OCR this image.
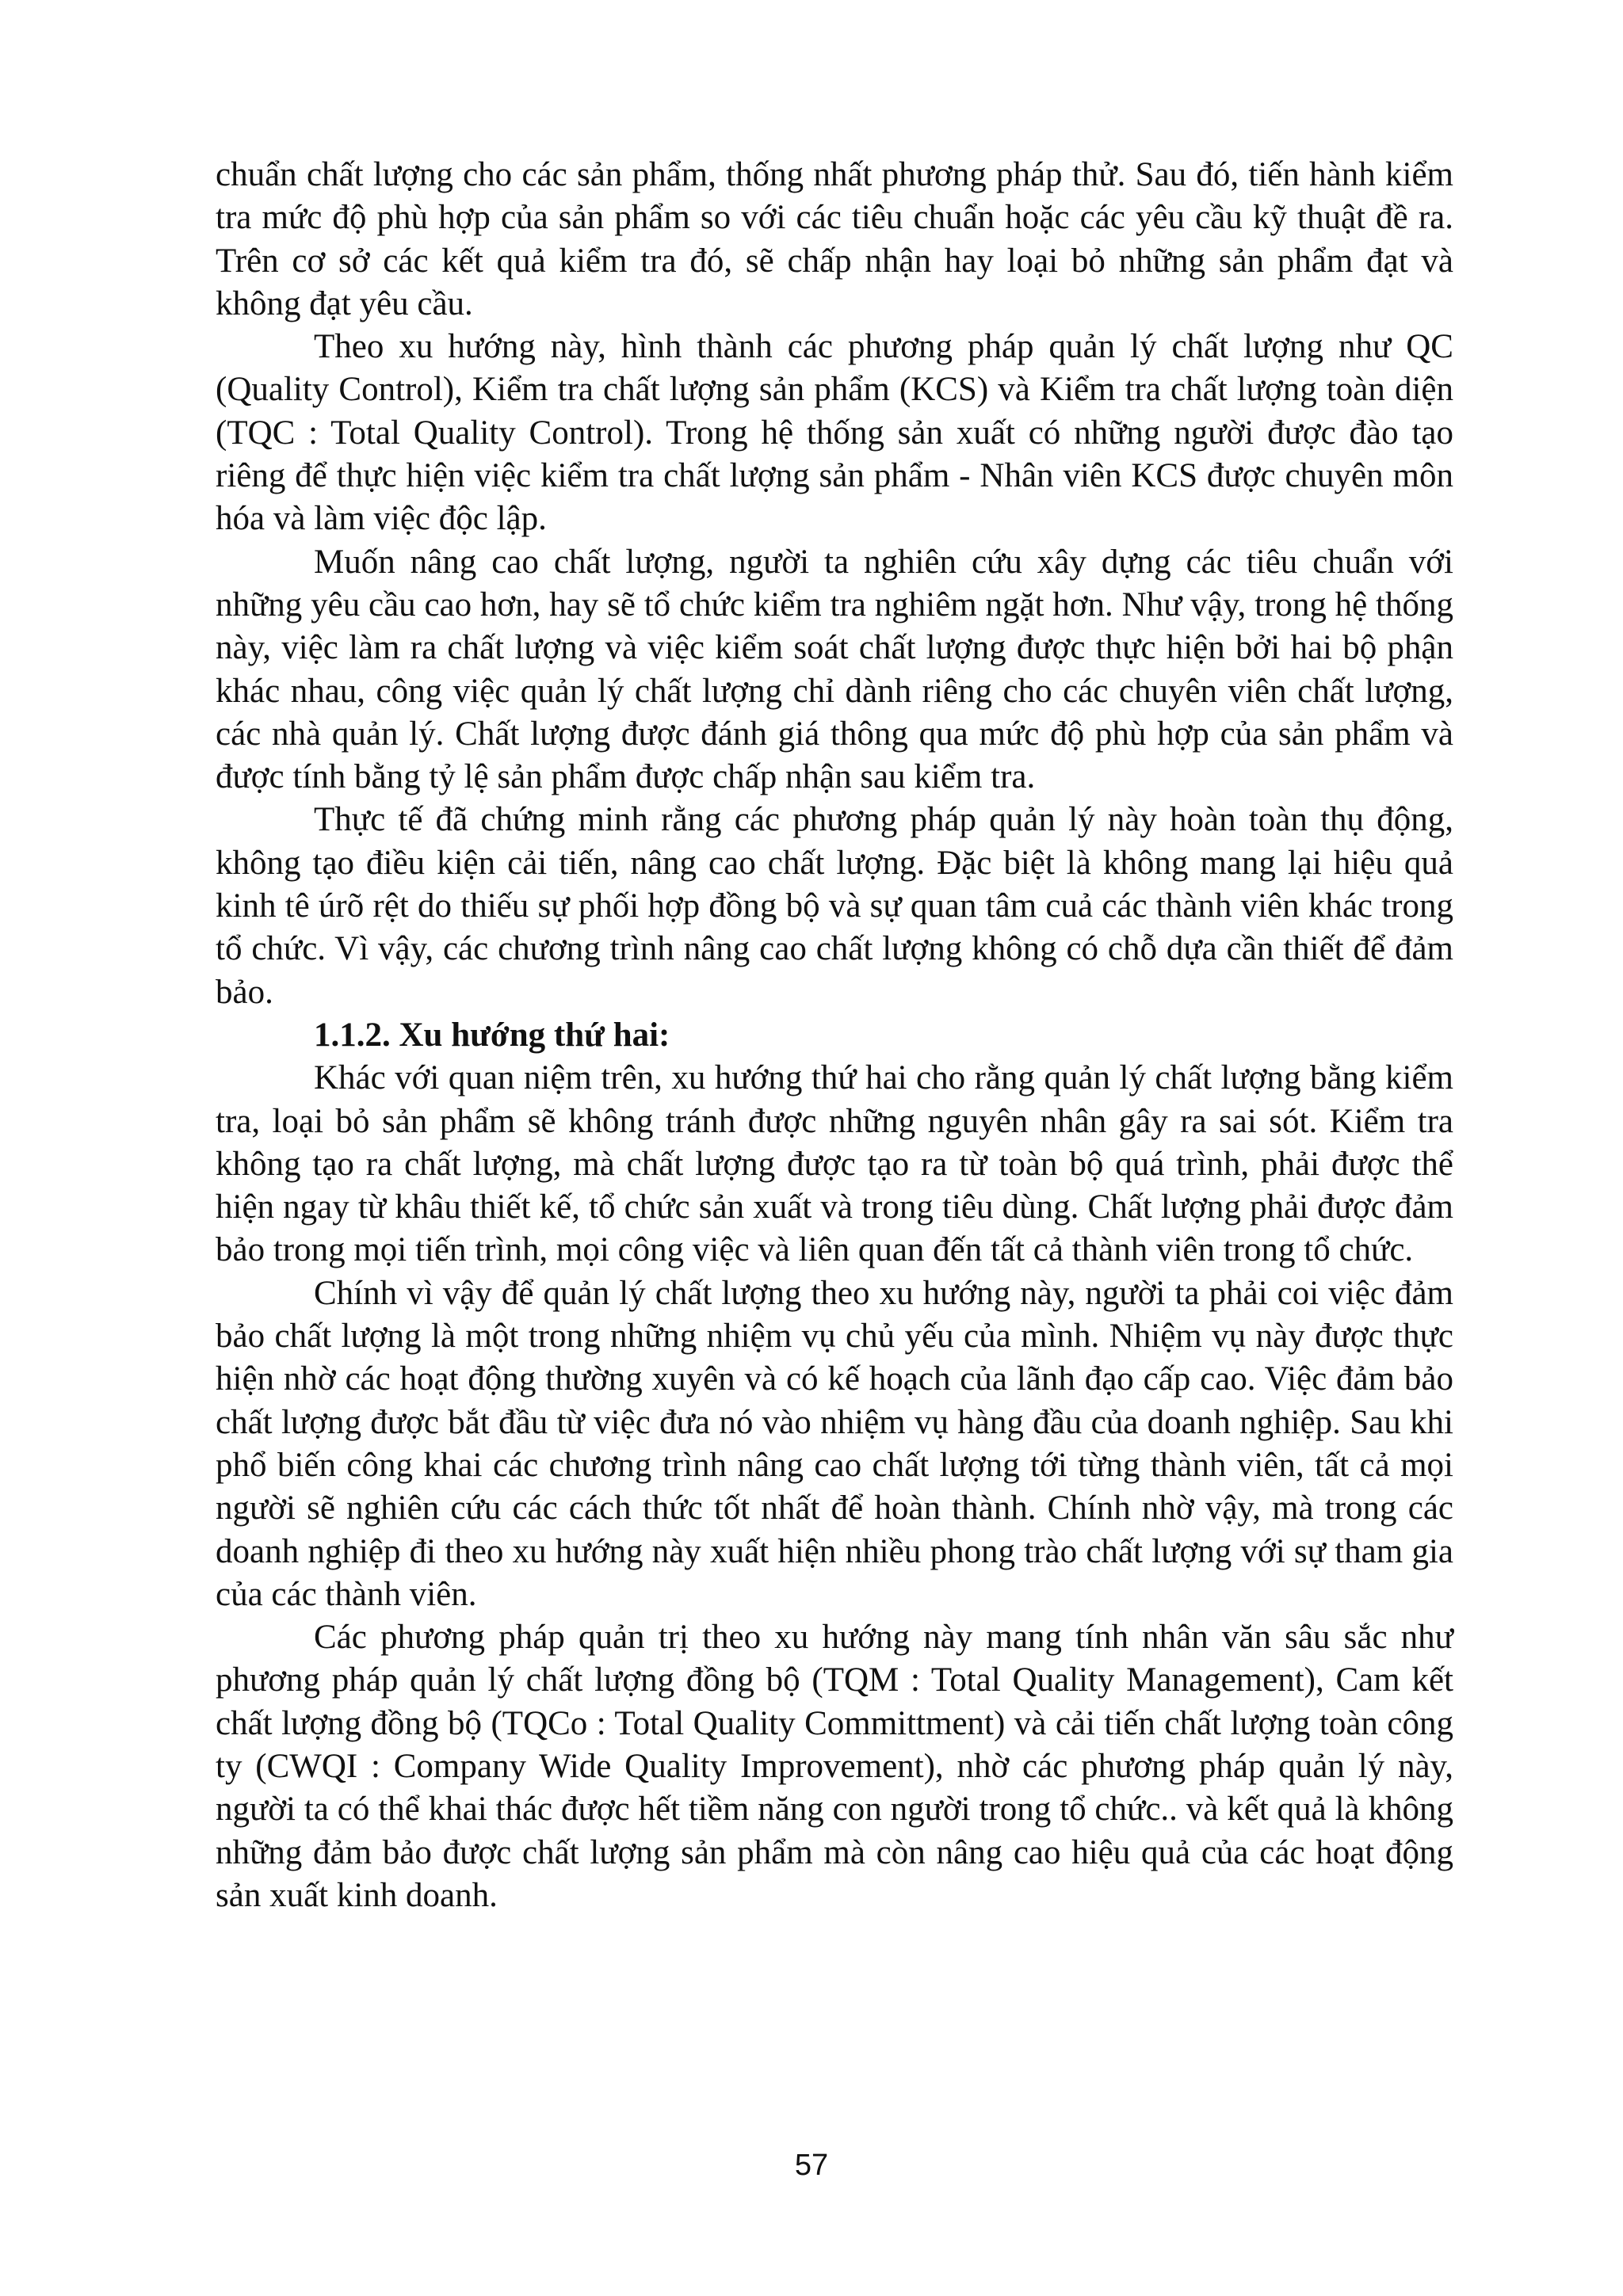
chuẩn chất lượng cho các sản phẩm, thống nhất phương pháp thử. Sau đó, tiến hành kiểm tra mức độ phù hợp của sản phẩm so với các tiêu chuẩn hoặc các yêu cầu kỹ thuật đề ra. Trên cơ sở các kết quả kiểm tra đó, sẽ chấp nhận hay loại bỏ những sản phẩm đạt và không đạt yêu cầu.

Theo xu hướng này, hình thành các phương pháp quản lý chất lượng như QC (Quality Control), Kiểm tra chất lượng sản phẩm (KCS) và Kiểm tra chất lượng toàn diện (TQC : Total Quality Control). Trong hệ thống sản xuất có những người được đào tạo riêng để thực hiện việc kiểm tra chất lượng sản phẩm - Nhân viên KCS được chuyên môn hóa và làm việc độc lập.

Muốn nâng cao chất lượng, người ta nghiên cứu xây dựng các tiêu chuẩn với những yêu cầu cao hơn, hay sẽ tổ chức kiểm tra nghiêm ngặt hơn. Như vậy, trong hệ thống này, việc làm ra chất lượng và việc kiểm soát chất lượng được thực hiện bởi hai bộ phận khác nhau, công việc quản lý chất lượng chỉ dành riêng cho các chuyên viên chất lượng, các nhà quản lý. Chất lượng được đánh giá thông qua mức độ phù hợp của sản phẩm và được tính bằng tỷ lệ sản phẩm được chấp nhận sau kiểm tra.

Thực tế đã chứng minh rằng các phương pháp quản lý này hoàn toàn thụ động, không tạo điều kiện cải tiến, nâng cao chất lượng. Đặc biệt là không mang lại hiệu quả kinh tê úrõ rệt do thiếu sự phối hợp đồng bộ và sự quan tâm cuả các thành viên khác trong tổ chức. Vì vậy, các chương trình nâng cao chất lượng không có chỗ dựa cần thiết để đảm bảo.

1.1.2. Xu hướng thứ hai:

Khác với quan niệm trên, xu hướng thứ hai cho rằng quản lý chất lượng bằng kiểm tra, loại bỏ sản phẩm sẽ không tránh được những nguyên nhân gây ra sai sót. Kiểm tra không tạo ra chất lượng, mà chất lượng được tạo ra từ toàn bộ quá trình, phải được thể hiện ngay từ khâu thiết kế, tổ chức sản xuất và trong tiêu dùng. Chất lượng phải được đảm bảo trong mọi tiến trình, mọi công việc và liên quan đến tất cả thành viên trong tổ chức.

Chính vì vậy để quản lý chất lượng theo xu hướng này, người ta phải coi việc đảm bảo chất lượng là một trong những nhiệm vụ chủ yếu của mình. Nhiệm vụ này được thực hiện nhờ các hoạt động thường xuyên và có kế hoạch của lãnh đạo cấp cao. Việc đảm bảo chất lượng được bắt đầu từ việc đưa nó vào nhiệm vụ hàng đầu của doanh nghiệp. Sau khi phổ biến công khai các chương trình nâng cao chất lượng tới từng thành viên, tất cả mọi người sẽ nghiên cứu các cách thức tốt nhất để hoàn thành. Chính nhờ vậy, mà trong các doanh nghiệp đi theo xu hướng này xuất hiện nhiều phong trào chất lượng với sự tham gia của các thành viên.

Các phương pháp quản trị theo xu hướng này mang tính nhân văn sâu sắc như phương pháp quản lý chất lượng đồng bộ (TQM : Total Quality Management), Cam kết chất lượng đồng bộ (TQCo : Total Quality Committment) và cải tiến chất lượng toàn công ty (CWQI : Company Wide Quality Improvement), nhờ các phương pháp quản lý này, người ta có thể khai thác được hết tiềm năng con người trong tổ chức.. và kết quả là không những đảm bảo được chất lượng sản phẩm mà còn nâng cao hiệu quả của các hoạt động sản xuất kinh doanh.

57
